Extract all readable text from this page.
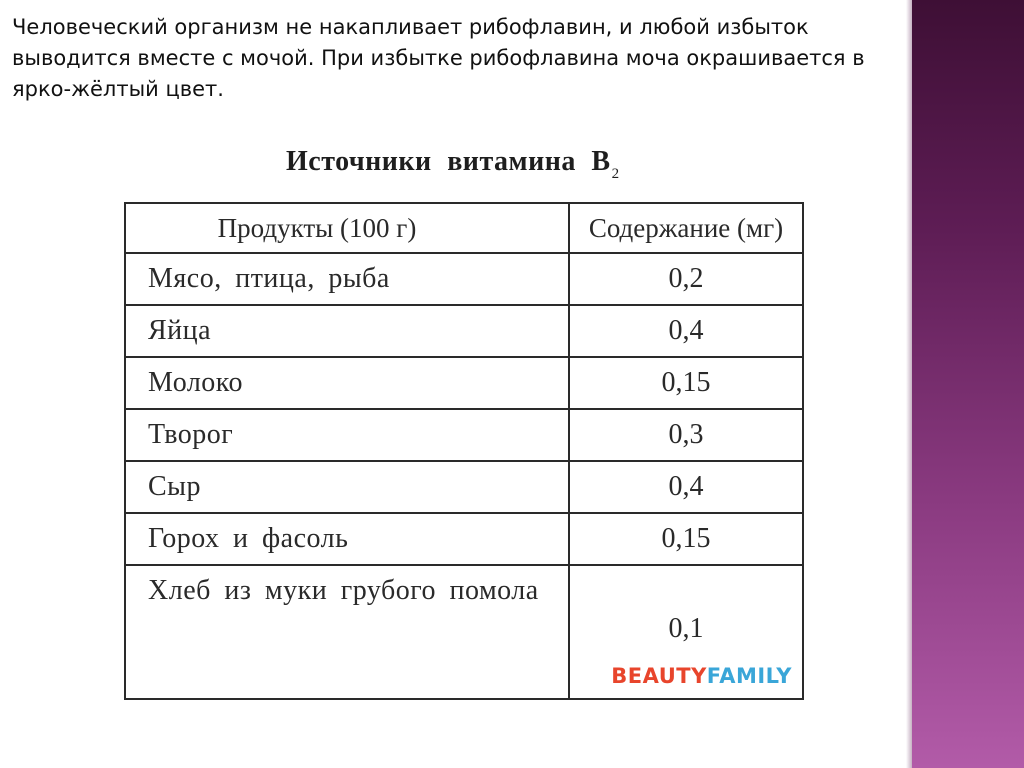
Человеческий организм не накапливает рибофлавин, и любой избыток выводится вместе с мочой. При избытке рибофлавина моча окрашивается в ярко-жёлтый цвет.

Источники витамина $В_2$
Продукты (100 г)	Содержание (мг)
Мясо, птица, рыба	0,2
Яйца	0,4
Молоко	0,15
Творог	0,3
Сыр	0,4
Горох и фасоль	0,15
Хлеб из муки грубого помола	0,1
BEAUTYFAMILY
